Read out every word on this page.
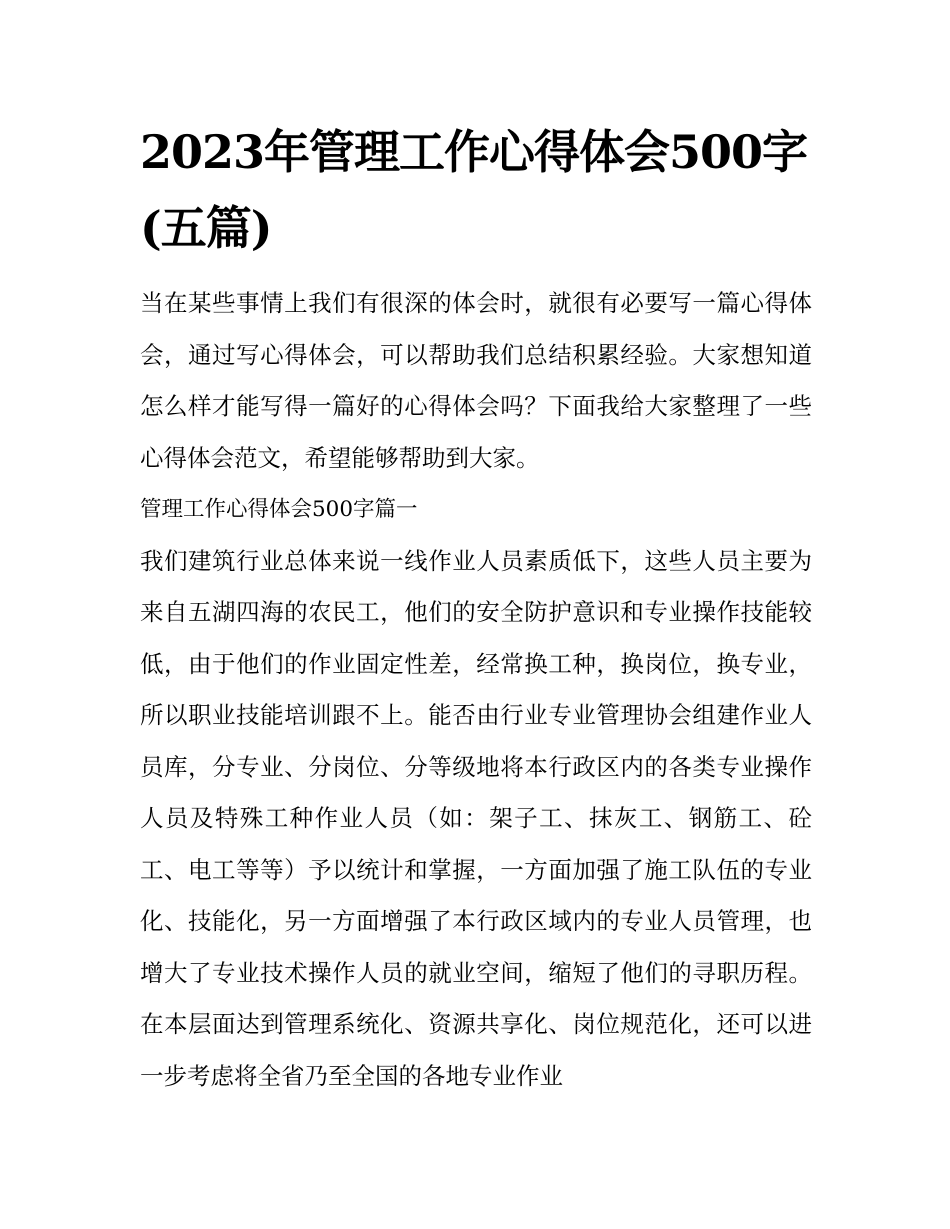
2023年管理工作心得体会500字(五篇)

当在某些事情上我们有很深的体会时，就很有必要写一篇心得体会，通过写心得体会，可以帮助我们总结积累经验。大家想知道怎么样才能写得一篇好的心得体会吗？下面我给大家整理了一些心得体会范文，希望能够帮助到大家。

管理工作心得体会500字篇一

我们建筑行业总体来说一线作业人员素质低下，这些人员主要为来自五湖四海的农民工，他们的安全防护意识和专业操作技能较低，由于他们的作业固定性差，经常换工种，换岗位，换专业，所以职业技能培训跟不上。能否由行业专业管理协会组建作业人员库，分专业、分岗位、分等级地将本行政区内的各类专业操作人员及特殊工种作业人员（如：架子工、抹灰工、钢筋工、砼工、电工等等）予以统计和掌握，一方面加强了施工队伍的专业化、技能化，另一方面增强了本行政区域内的专业人员管理，也增大了专业技术操作人员的就业空间，缩短了他们的寻职历程。在本层面达到管理系统化、资源共享化、岗位规范化，还可以进一步考虑将全省乃至全国的各地专业作业
